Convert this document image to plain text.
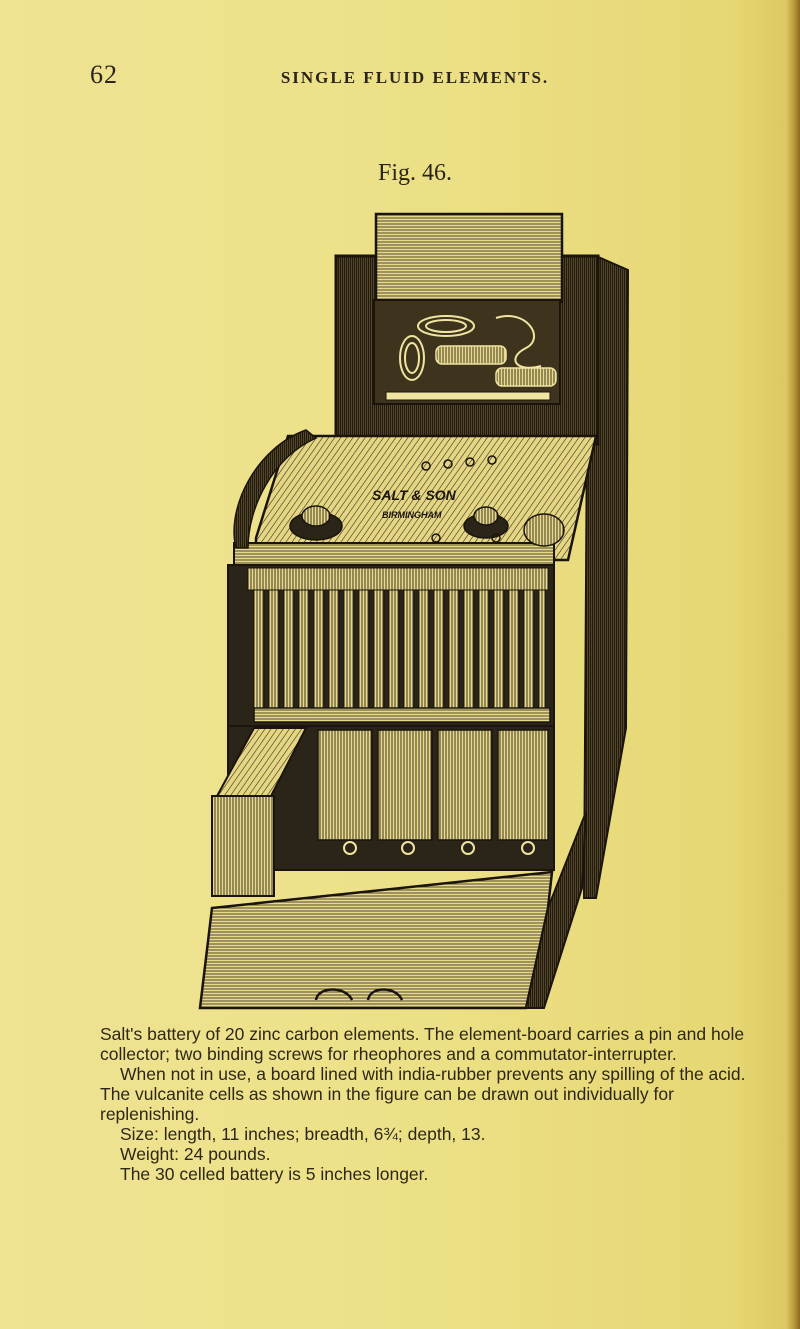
62	SINGLE FLUID ELEMENTS.
Fig. 46.
SALT & SON
BIRMINGHAM

Salt's battery of 20 zinc carbon elements. The element-board carries a pin and hole collector; two binding screws for rheophores and a commutator-interrupter.

When not in use, a board lined with india-rubber prevents any spilling of the acid. The vulcanite cells as shown in the figure can be drawn out individually for replenishing.

Size: length, 11 inches; breadth, 6¾; depth, 13.

Weight: 24 pounds.

The 30 celled battery is 5 inches longer.
